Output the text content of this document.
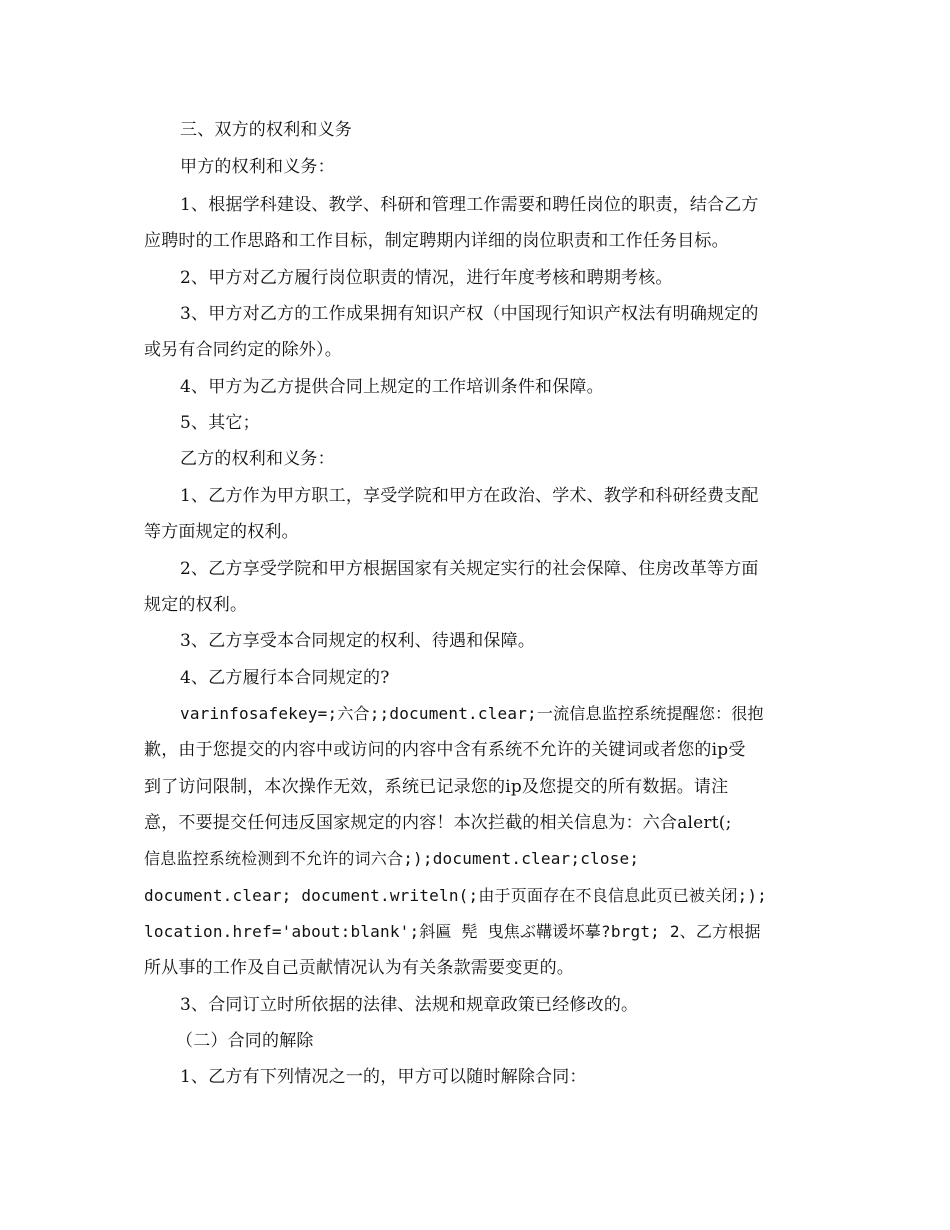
三、双方的权利和义务
甲方的权利和义务：
1、根据学科建设、教学、科研和管理工作需要和聘任岗位的职责，结合乙方
应聘时的工作思路和工作目标，制定聘期内详细的岗位职责和工作任务目标。
2、甲方对乙方履行岗位职责的情况，进行年度考核和聘期考核。
3、甲方对乙方的工作成果拥有知识产权（中国现行知识产权法有明确规定的
或另有合同约定的除外）。
4、甲方为乙方提供合同上规定的工作培训条件和保障。
5、其它；
乙方的权利和义务：
1、乙方作为甲方职工，享受学院和甲方在政治、学术、教学和科研经费支配
等方面规定的权利。
2、乙方享受学院和甲方根据国家有关规定实行的社会保障、住房改革等方面
规定的权利。
3、乙方享受本合同规定的权利、待遇和保障。
4、乙方履行本合同规定的?
varinfosafekey=;六合;;document.clear;一流信息监控系统提醒您：很抱
歉，由于您提交的内容中或访问的内容中含有系统不允许的关键词或者您的ip受
到了访问限制，本次操作无效，系统已记录您的ip及您提交的所有数据。请注
意，不要提交任何违反国家规定的内容！本次拦截的相关信息为：六合alert(;
信息监控系统检测到不允许的词六合;);document.clear;close;
document.clear; document.writeln(;由于页面存在不良信息此页已被关闭;);
location.href='about:blank';斜匾 髡 曳焦ぶ鞲谖坏摹?brgt; 2、乙方根据
所从事的工作及自己贡献情况认为有关条款需要变更的。
3、合同订立时所依据的法律、法规和规章政策已经修改的。
（二）合同的解除
1、乙方有下列情况之一的，甲方可以随时解除合同：
